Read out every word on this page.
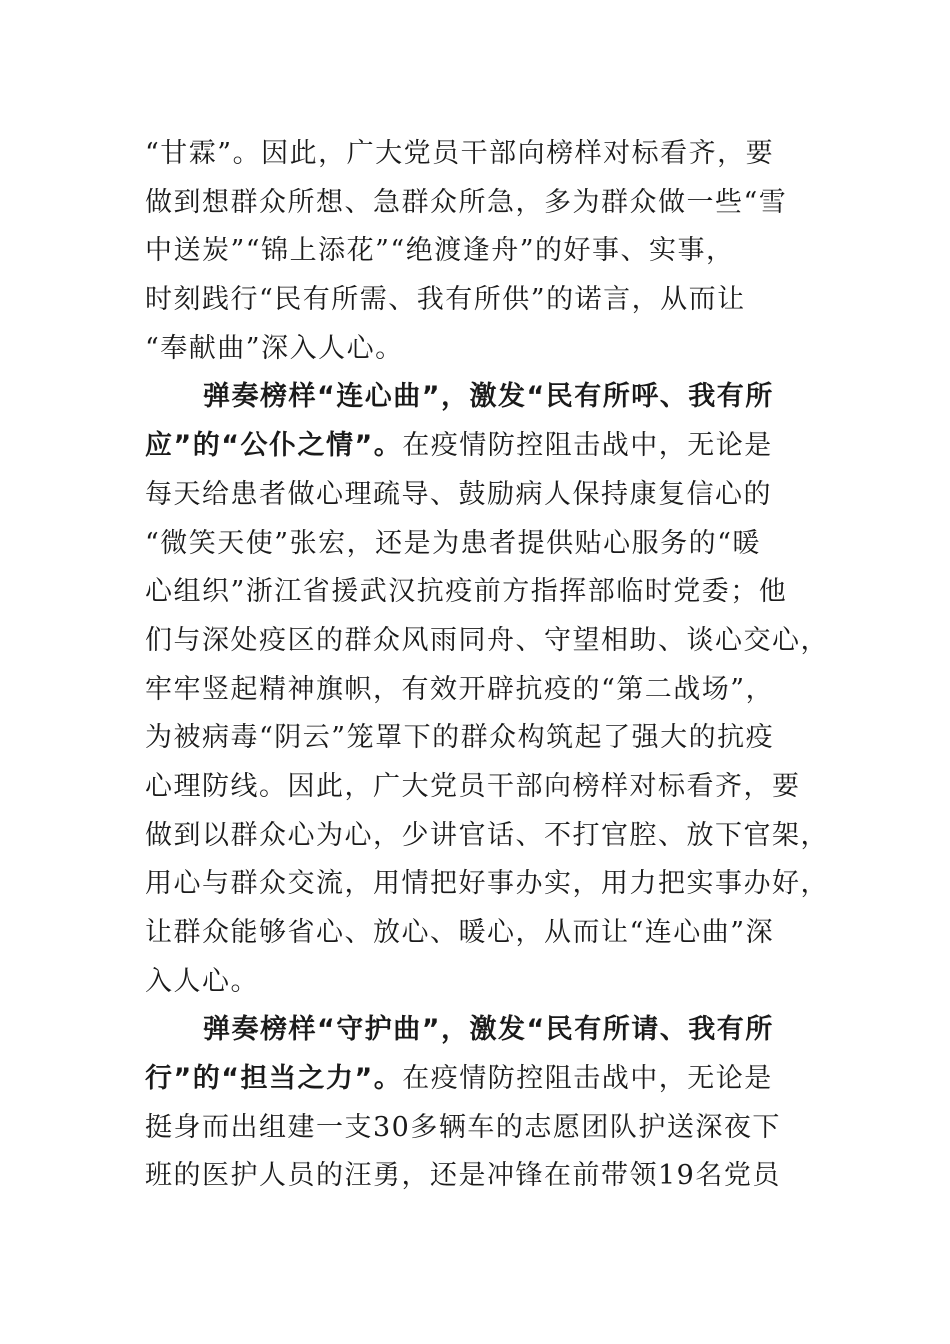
“甘霖”。因此，广大党员干部向榜样对标看齐，要
做到想群众所想、急群众所急，多为群众做一些“雪
中送炭”“锦上添花”“绝渡逢舟”的好事、实事，
时刻践行“民有所需、我有所供”的诺言，从而让
“奉献曲”深入人心。
弹奏榜样“连心曲”，激发“民有所呼、我有所
应”的“公仆之情”。在疫情防控阻击战中，无论是
每天给患者做心理疏导、鼓励病人保持康复信心的
“微笑天使”张宏，还是为患者提供贴心服务的“暖
心组织”浙江省援武汉抗疫前方指挥部临时党委；他
们与深处疫区的群众风雨同舟、守望相助、谈心交心，
牢牢竖起精神旗帜，有效开辟抗疫的“第二战场”，
为被病毒“阴云”笼罩下的群众构筑起了强大的抗疫
心理防线。因此，广大党员干部向榜样对标看齐，要
做到以群众心为心，少讲官话、不打官腔、放下官架，
用心与群众交流，用情把好事办实，用力把实事办好，
让群众能够省心、放心、暖心，从而让“连心曲”深
入人心。
弹奏榜样“守护曲”，激发“民有所请、我有所
行”的“担当之力”。在疫情防控阻击战中，无论是
挺身而出组建一支30多辆车的志愿团队护送深夜下
班的医护人员的汪勇，还是冲锋在前带领19名党员
